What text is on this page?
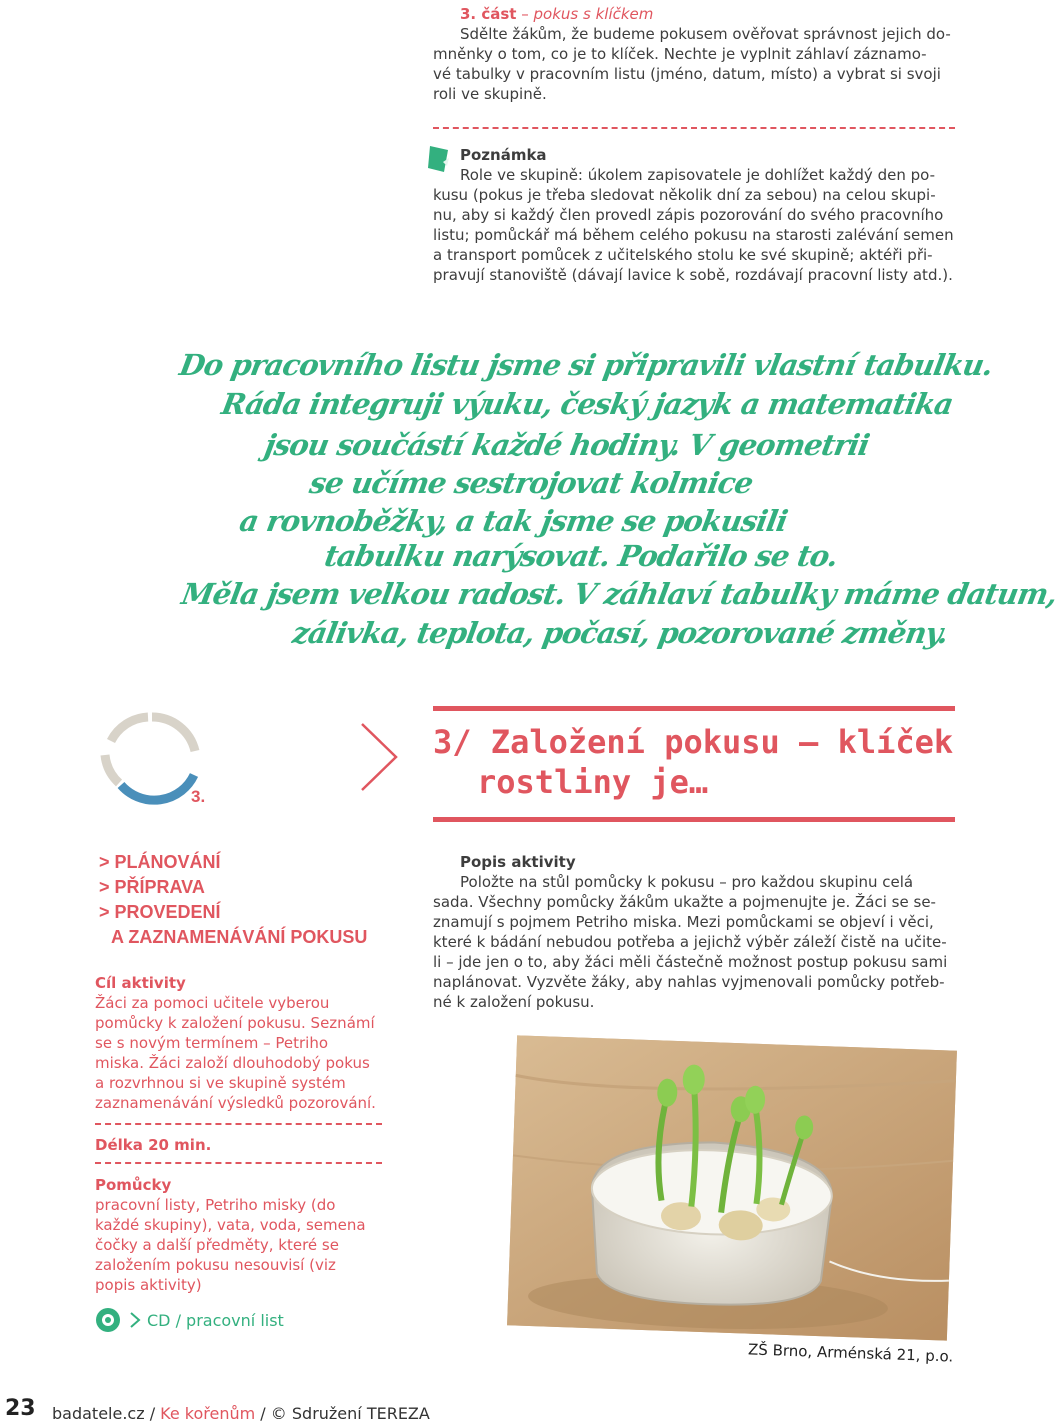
3. část – pokus s klíčkem
Sdělte žákům, že budeme pokusem ověřovat správnost jejich do-
mněnky o tom, co je to klíček. Nechte je vyplnit záhlaví záznamo-
vé tabulky v pracovním listu (jméno, datum, místo) a vybrat si svoji
roli ve skupině.
Poznámka
Role ve skupině: úkolem zapisovatele je dohlížet každý den po-
kusu (pokus je třeba sledovat několik dní za sebou) na celou skupi-
nu, aby si každý člen provedl zápis pozorování do svého pracovního
listu; pomůckář má během celého pokusu na starosti zalévání semen
a transport pomůcek z učitelského stolu ke své skupině; aktéři při-
pravují stanoviště (dávají lavice k sobě, rozdávají pracovní listy atd.).
Do pracovního listu jsme si připravili vlastní tabulku.
Ráda integruji výuku, český jazyk a matematika
jsou součástí každé hodiny. V geometrii
se učíme sestrojovat kolmice
a rovnoběžky, a tak jsme se pokusili
tabulku narýsovat. Podařilo se to.
Měla jsem velkou radost. V záhlaví tabulky máme datum,
zálivka, teplota, počasí, pozorované změny.
3.
3/ Založení pokusu – klíček
rostliny je…
> PLÁNOVÁNÍ
> PŘÍPRAVA
> PROVEDENÍ
A ZAZNAMENÁVÁNÍ POKUSU
Cíl aktivity
Žáci za pomoci učitele vyberou
pomůcky k založení pokusu. Seznámí
se s novým termínem – Petriho
miska. Žáci založí dlouhodobý pokus
a rozvrhnou si ve skupině systém
zaznamenávání výsledků pozorování.
Délka 20 min.
Pomůcky
pracovní listy, Petriho misky (do
každé skupiny), vata, voda, semena
čočky a další předměty, které se
založením pokusu nesouvisí (viz
popis aktivity)
CD / pracovní list
Popis aktivity
Položte na stůl pomůcky k pokusu – pro každou skupinu celá
sada. Všechny pomůcky žákům ukažte a pojmenujte je. Žáci se se-
znamují s pojmem Petriho miska. Mezi pomůckami se objeví i věci,
které k bádání nebudou potřeba a jejichž výběr záleží čistě na učite-
li – jde jen o to, aby žáci měli částečně možnost postup pokusu sami
naplánovat. Vyzvěte žáky, aby nahlas vyjmenovali pomůcky potřeb-
né k založení pokusu.
ZŠ Brno, Arménská 21, p.o.
23 badatele.cz / Ke kořenům / © Sdružení TEREZA
